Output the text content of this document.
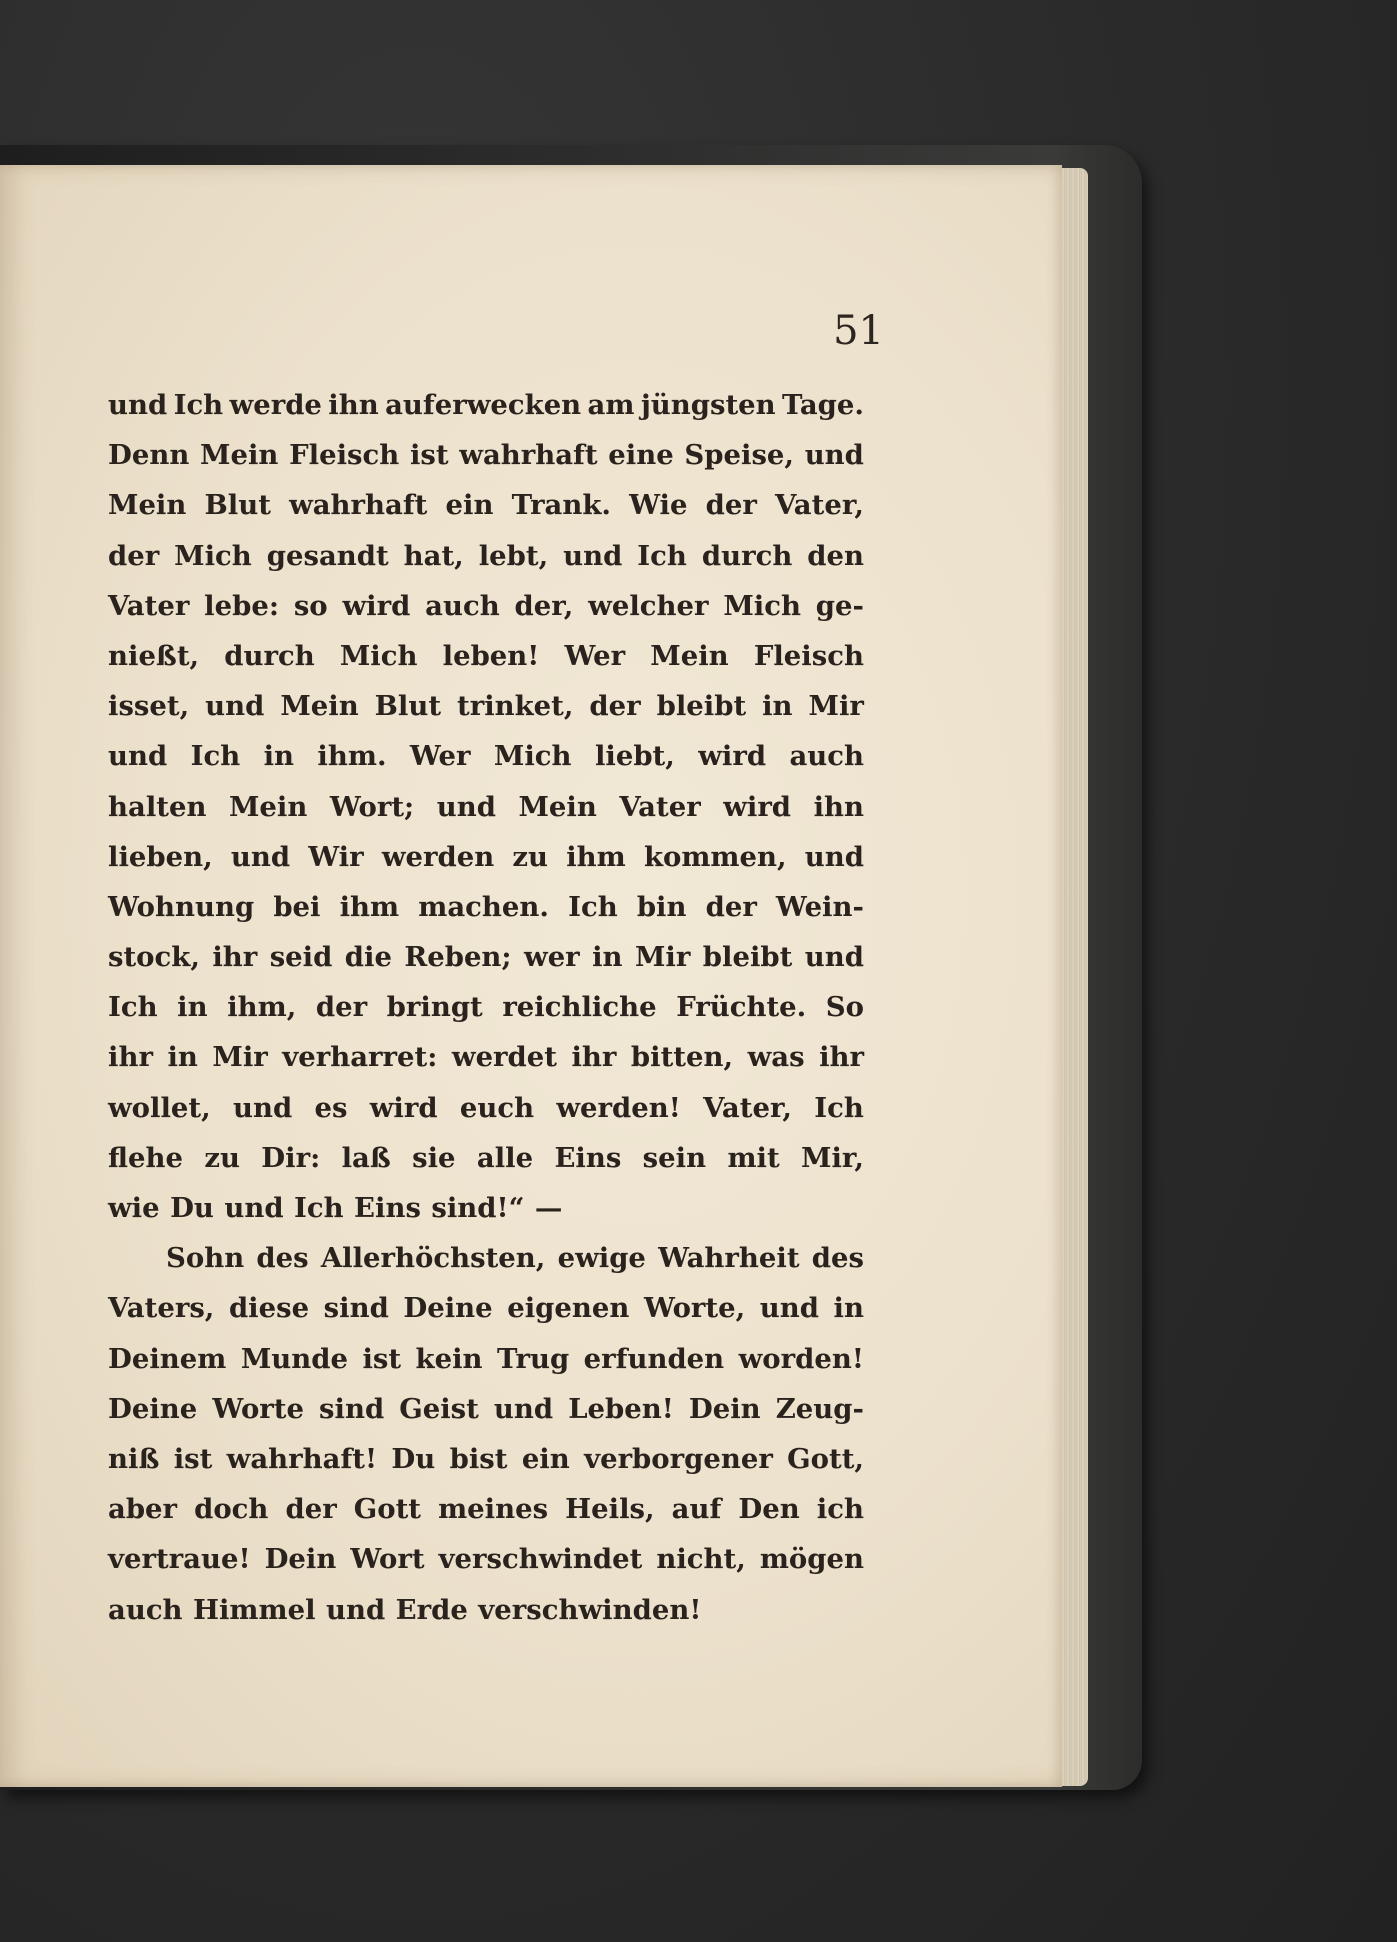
51
und Ich werde ihn auferwecken am jüngsten Tage.
Denn Mein Fleisch ist wahrhaft eine Speise, und
Mein Blut wahrhaft ein Trank. Wie der Vater,
der Mich gesandt hat, lebt, und Ich durch den
Vater lebe: so wird auch der, welcher Mich ge-
nießt, durch Mich leben! Wer Mein Fleisch
isset, und Mein Blut trinket, der bleibt in Mir
und Ich in ihm. Wer Mich liebt, wird auch
halten Mein Wort; und Mein Vater wird ihn
lieben, und Wir werden zu ihm kommen, und
Wohnung bei ihm machen. Ich bin der Wein-
stock, ihr seid die Reben; wer in Mir bleibt und
Ich in ihm, der bringt reichliche Früchte. So
ihr in Mir verharret: werdet ihr bitten, was ihr
wollet, und es wird euch werden! Vater, Ich
flehe zu Dir: laß sie alle Eins sein mit Mir,
wie Du und Ich Eins sind!“ —
Sohn des Allerhöchsten, ewige Wahrheit des
Vaters, diese sind Deine eigenen Worte, und in
Deinem Munde ist kein Trug erfunden worden!
Deine Worte sind Geist und Leben! Dein Zeug-
niß ist wahrhaft! Du bist ein verborgener Gott,
aber doch der Gott meines Heils, auf Den ich
vertraue! Dein Wort verschwindet nicht, mögen
auch Himmel und Erde verschwinden!
